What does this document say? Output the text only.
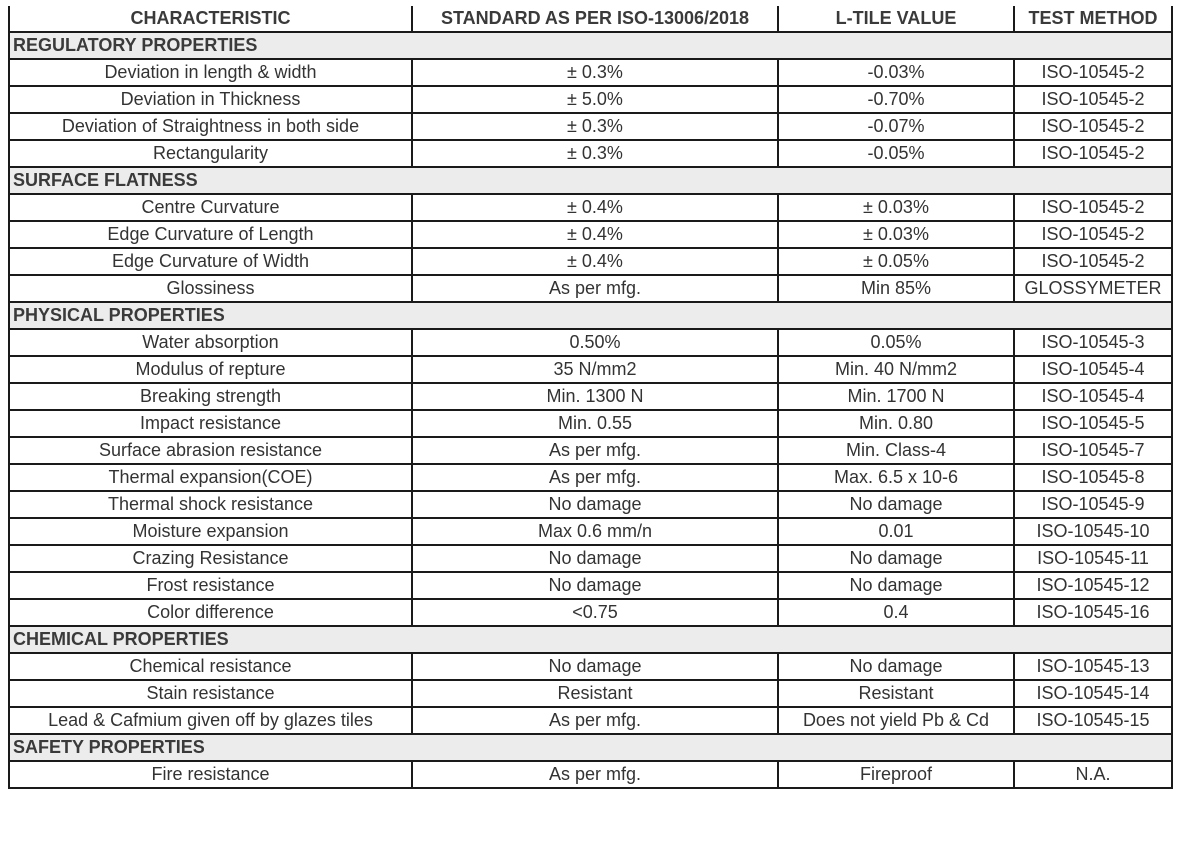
CHARACTERISTIC	STANDARD AS PER ISO-13006/2018	L-TILE VALUE	TEST METHOD
REGULATORY PROPERTIES			
Deviation in length & width	± 0.3%	-0.03%	ISO-10545-2
Deviation in Thickness	± 5.0%	-0.70%	ISO-10545-2
Deviation of Straightness in both side	± 0.3%	-0.07%	ISO-10545-2
Rectangularity	± 0.3%	-0.05%	ISO-10545-2
SURFACE FLATNESS			
Centre Curvature	± 0.4%	± 0.03%	ISO-10545-2
Edge Curvature of Length	± 0.4%	± 0.03%	ISO-10545-2
Edge Curvature of Width	± 0.4%	± 0.05%	ISO-10545-2
Glossiness	As per mfg.	Min 85%	GLOSSYMETER
PHYSICAL PROPERTIES			
Water absorption	0.50%	0.05%	ISO-10545-3
Modulus of repture	35 N/mm2	Min. 40 N/mm2	ISO-10545-4
Breaking strength	Min. 1300 N	Min. 1700 N	ISO-10545-4
Impact resistance	Min. 0.55	Min. 0.80	ISO-10545-5
Surface abrasion resistance	As per mfg.	Min. Class-4	ISO-10545-7
Thermal expansion(COE)	As per mfg.	Max. 6.5 x 10-6	ISO-10545-8
Thermal shock resistance	No damage	No damage	ISO-10545-9
Moisture expansion	Max 0.6 mm/n	0.01	ISO-10545-10
Crazing Resistance	No damage	No damage	ISO-10545-11
Frost resistance	No damage	No damage	ISO-10545-12
Color difference	<0.75	0.4	ISO-10545-16
CHEMICAL PROPERTIES			
Chemical resistance	No damage	No damage	ISO-10545-13
Stain resistance	Resistant	Resistant	ISO-10545-14
Lead & Cafmium given off by glazes tiles	As per mfg.	Does not yield Pb & Cd	ISO-10545-15
SAFETY PROPERTIES			
Fire resistance	As per mfg.	Fireproof	N.A.
